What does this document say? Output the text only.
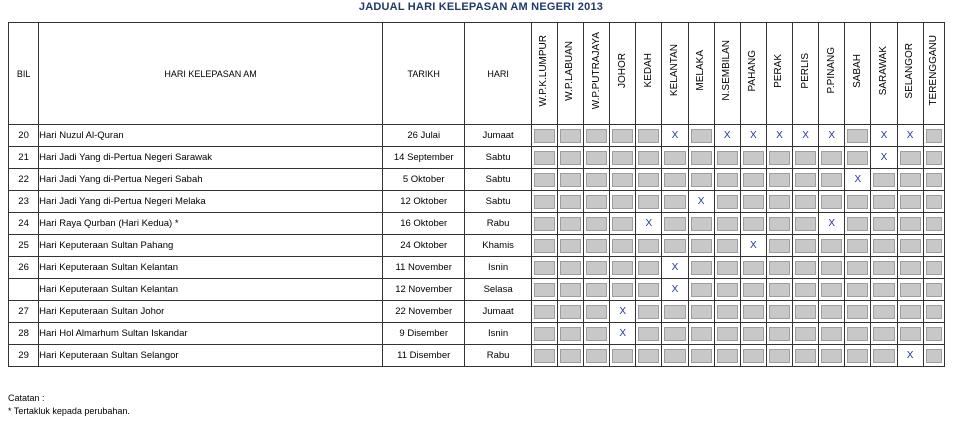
JADUAL HARI KELEPASAN AM NEGERI 2013
BIL	HARI KELEPASAN AM	TARIKH	HARI	W.P.K.LUMPUR	W.P.LABUAN	W.P.PUTRAJAYA	JOHOR	KEDAH	KELANTAN	MELAKA	N.SEMBILAN	PAHANG	PERAK	PERLIS	P.PINANG	SABAH	SARAWAK	SELANGOR	TERENGGANU

20	Hari Nuzul Al-Quran	26 Julai	Jumaat						X		X	X	X	X	X		X	X	

21	Hari Jadi Yang di-Pertua Negeri Sarawak	14 September	Sabtu														X	

22	Hari Jadi Yang di-Pertua Negeri Sabah	5 Oktober	Sabtu													X	

23	Hari Jadi Yang di-Pertua Negeri Melaka	12 Oktober	Sabtu							X	

24	Hari Raya Qurban (Hari Kedua) *	16 Oktober	Rabu					X							X	

25	Hari Keputeraan Sultan Pahang	24 Oktober	Khamis									X	

26	Hari Keputeraan Sultan Kelantan	11 November	Isnin						X	

	Hari Keputeraan Sultan Kelantan	12 November	Selasa						X	

27	Hari Keputeraan Sultan Johor	22 November	Jumaat				X	

28	Hari Hol Almarhum Sultan Iskandar	9 Disember	Isnin				X	

29	Hari Keputeraan Sultan Selangor	11 Disember	Rabu															X	
Catatan :
* Tertakluk kepada perubahan.
